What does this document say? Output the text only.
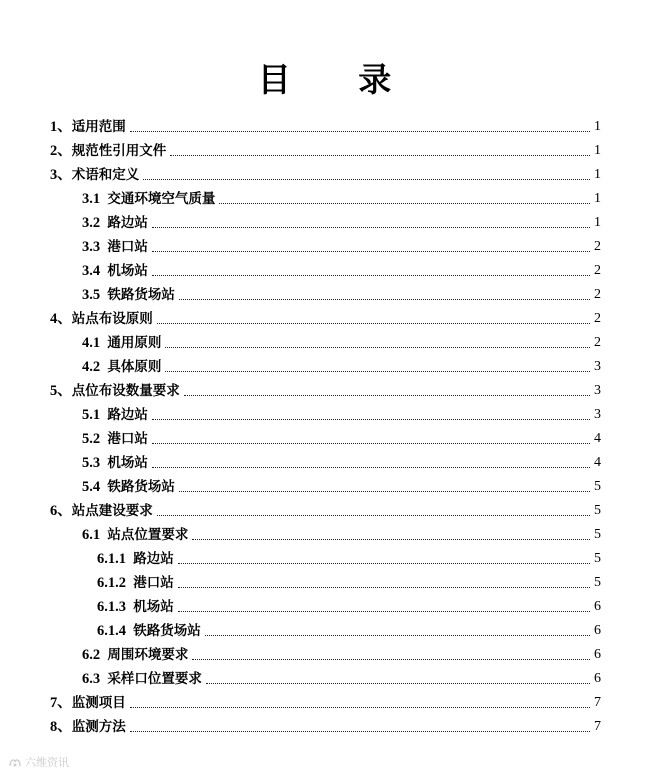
目 录
1、 适用范围	1
2、 规范性引用文件	1
3、 术语和定义	1
3.1 交通环境空气质量	1
3.2 路边站	1
3.3 港口站	2
3.4 机场站	2
3.5 铁路货场站	2
4、 站点布设原则	2
4.1 通用原则	2
4.2 具体原则	3
5、 点位布设数量要求	3
5.1 路边站	3
5.2 港口站	4
5.3 机场站	4
5.4 铁路货场站	5
6、 站点建设要求	5
6.1 站点位置要求	5
6.1.1 路边站	5
6.1.2 港口站	5
6.1.3 机场站	6
6.1.4 铁路货场站	6
6.2 周围环境要求	6
6.3 采样口位置要求	6
7、 监测项目	7
8、 监测方法	7
六维资讯
